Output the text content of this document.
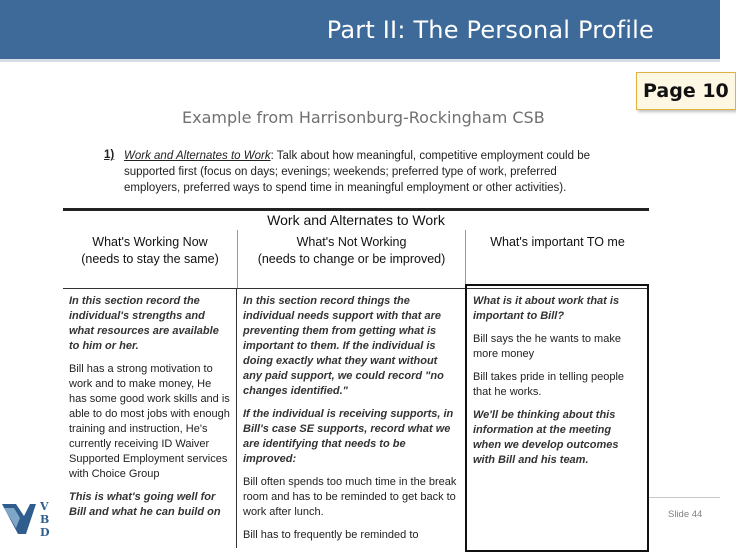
Part II: The Personal Profile
Page 10
Example from Harrisonburg-Rockingham CSB
1) Work and Alternates to Work: Talk about how meaningful, competitive employment could be supported first (focus on days; evenings; weekends; preferred type of work, preferred employers, preferred ways to spend time in meaningful employment or other activities).
Work and Alternates to Work
What's Working Now
(needs to stay the same)
What's Not Working
(needs to change or be improved)
What's important TO me

In this section record the individual's strengths and what resources are available to him or her.

Bill has a strong motivation to work and to make money, He has some good work skills and is able to do most jobs with enough training and instruction, He's currently receiving ID Waiver Supported Employment services with Choice Group

This is what's going well for Bill and what he can build on

In this section record things the individual needs support with that are preventing them from getting what is important to them. If the individual is doing exactly what they want without any paid support, we could record "no changes identified."

If the individual is receiving supports, in Bill's case SE supports, record what we are identifying that needs to be improved:

Bill often spends too much time in the break room and has to be reminded to get back to work after lunch.

Bill has to frequently be reminded to

What is it about work that is important to Bill?

Bill says the he wants to make more money

Bill takes pride in telling people that he works.

We'll be thinking about this information at the meeting when we develop outcomes with Bill and his team.

V
B
D
Slide 44
